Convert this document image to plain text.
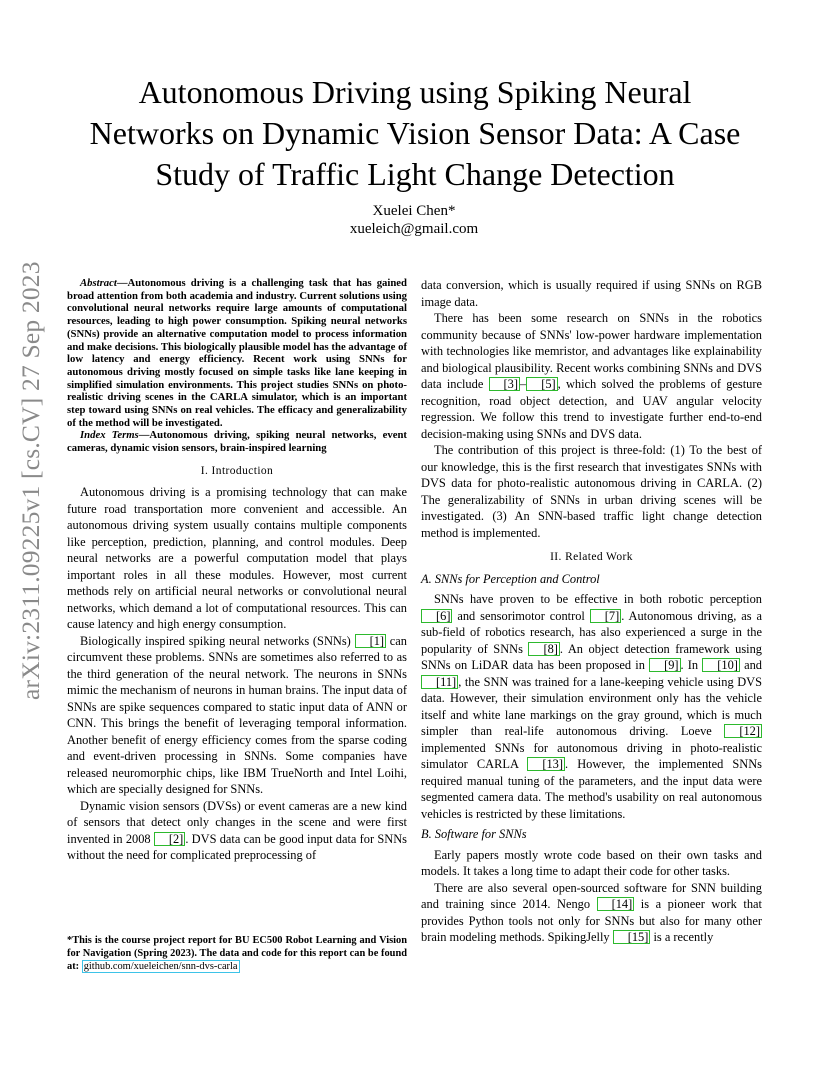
arXiv:2311.09225v1 [cs.CV] 27 Sep 2023
Autonomous Driving using Spiking Neural
Networks on Dynamic Vision Sensor Data: A Case
Study of Traffic Light Change Detection
Xuelei Chen*
xueleich@gmail.com

Abstract—Autonomous driving is a challenging task that has gained broad attention from both academia and industry. Current solutions using convolutional neural networks require large amounts of computational resources, leading to high power consumption. Spiking neural networks (SNNs) provide an alternative computation model to process information and make decisions. This biologically plausible model has the advantage of low latency and energy efficiency. Recent work using SNNs for autonomous driving mostly focused on simple tasks like lane keeping in simplified simulation environments. This project studies SNNs on photo-realistic driving scenes in the CARLA simulator, which is an important step toward using SNNs on real vehicles. The efficacy and generalizability of the method will be investigated.

Index Terms—Autonomous driving, spiking neural networks, event cameras, dynamic vision sensors, brain-inspired learning

I. Introduction

Autonomous driving is a promising technology that can make future road transportation more convenient and accessible. An autonomous driving system usually contains multiple components like perception, prediction, planning, and control modules. Deep neural networks are a powerful computation model that plays important roles in all these modules. However, most current methods rely on artificial neural networks or convolutional neural networks, which demand a lot of computational resources. This can cause latency and high energy consumption.

Biologically inspired spiking neural networks (SNNs) [1] can circumvent these problems. SNNs are sometimes also referred to as the third generation of the neural network. The neurons in SNNs mimic the mechanism of neurons in human brains. The input data of SNNs are spike sequences compared to static input data of ANN or CNN. This brings the benefit of leveraging temporal information. Another benefit of energy efficiency comes from the sparse coding and event-driven processing in SNNs. Some companies have released neuromorphic chips, like IBM TrueNorth and Intel Loihi, which are specially designed for SNNs.

Dynamic vision sensors (DVSs) or event cameras are a new kind of sensors that detect only changes in the scene and were first invented in 2008 [2] . DVS data can be good input data for SNNs without the need for complicated preprocessing of

*This is the course project report for BU EC500 Robot Learning and Vision for Navigation (Spring 2023). The data and code for this report can be found at: github.com/xueleichen/snn-dvs-carla

data conversion, which is usually required if using SNNs on RGB image data.

There has been some research on SNNs in the robotics community because of SNNs' low-power hardware implementation with technologies like memristor, and advantages like explainability and biological plausibility. Recent works combining SNNs and DVS data include [3] – [5] , which solved the problems of gesture recognition, road object detection, and UAV angular velocity regression. We follow this trend to investigate further end-to-end decision-making using SNNs and DVS data.

The contribution of this project is three-fold: (1) To the best of our knowledge, this is the first research that investigates SNNs with DVS data for photo-realistic autonomous driving in CARLA. (2) The generalizability of SNNs in urban driving scenes will be investigated. (3) An SNN-based traffic light change detection method is implemented.

II. Related Work
A. SNNs for Perception and Control

SNNs have proven to be effective in both robotic perception [6] and sensorimotor control [7] . Autonomous driving, as a sub-field of robotics research, has also experienced a surge in the popularity of SNNs [8] . An object detection framework using SNNs on LiDAR data has been proposed in [9] . In [10] and [11] , the SNN was trained for a lane-keeping vehicle using DVS data. However, their simulation environment only has the vehicle itself and white lane markings on the gray ground, which is much simpler than real-life autonomous driving. Loeve [12] implemented SNNs for autonomous driving in photo-realistic simulator CARLA [13] . However, the implemented SNNs required manual tuning of the parameters, and the input data were segmented camera data. The method's usability on real autonomous vehicles is restricted by these limitations.

B. Software for SNNs

Early papers mostly wrote code based on their own tasks and models. It takes a long time to adapt their code for other tasks.

There are also several open-sourced software for SNN building and training since 2014. Nengo [14] is a pioneer work that provides Python tools not only for SNNs but also for many other brain modeling methods. SpikingJelly [15] is a recently
